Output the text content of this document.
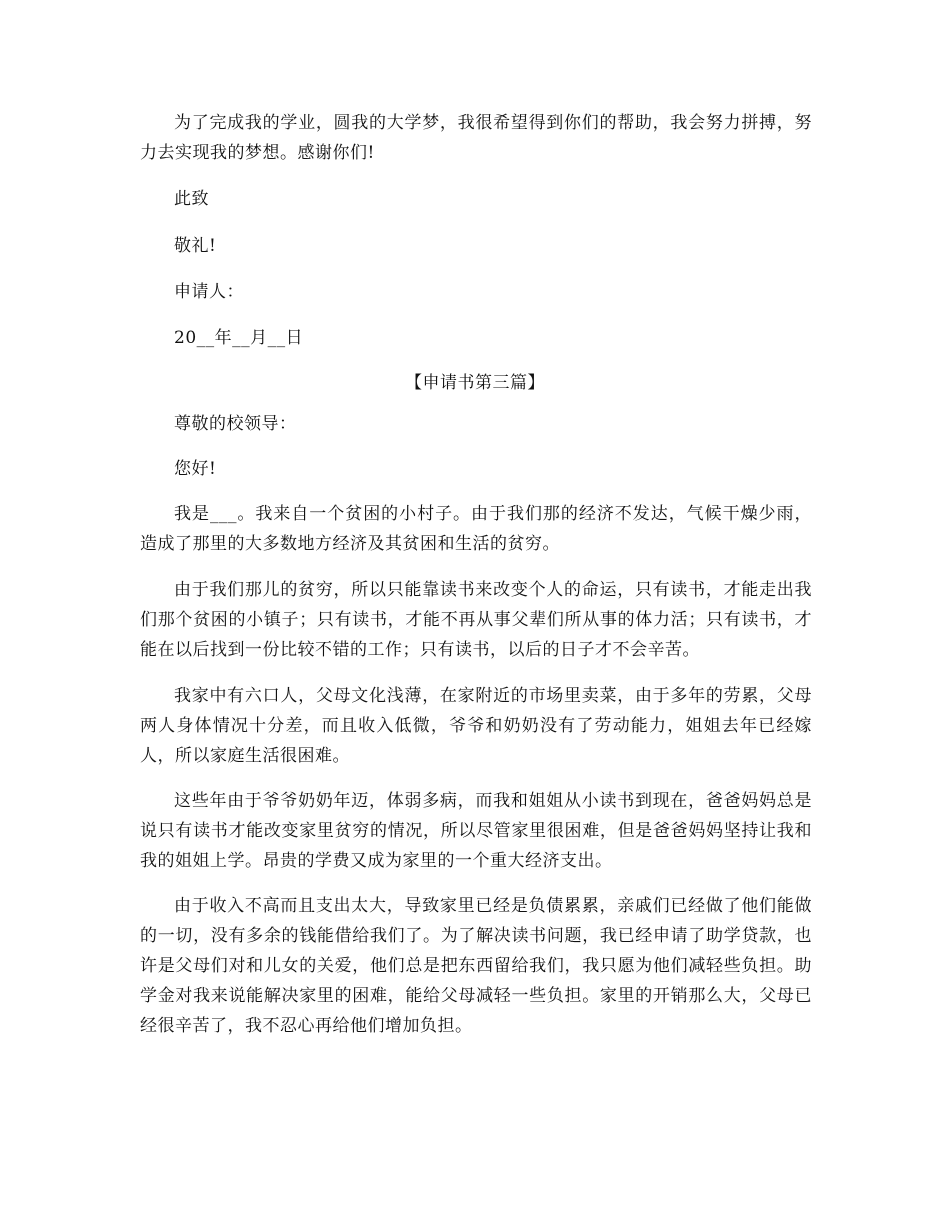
为了完成我的学业，圆我的大学梦，我很希望得到你们的帮助，我会努力拼搏，努力去实现我的梦想。感谢你们!

此致

敬礼!

申请人：

20__年__月__日

【申请书第三篇】

尊敬的校领导：

您好!

我是___。我来自一个贫困的小村子。由于我们那的经济不发达，气候干燥少雨，造成了那里的大多数地方经济及其贫困和生活的贫穷。

由于我们那儿的贫穷，所以只能靠读书来改变个人的命运，只有读书，才能走出我们那个贫困的小镇子；只有读书，才能不再从事父辈们所从事的体力活；只有读书，才能在以后找到一份比较不错的工作；只有读书，以后的日子才不会辛苦。

我家中有六口人，父母文化浅薄，在家附近的市场里卖菜，由于多年的劳累，父母两人身体情况十分差，而且收入低微，爷爷和奶奶没有了劳动能力，姐姐去年已经嫁人，所以家庭生活很困难。

这些年由于爷爷奶奶年迈，体弱多病，而我和姐姐从小读书到现在，爸爸妈妈总是说只有读书才能改变家里贫穷的情况，所以尽管家里很困难，但是爸爸妈妈坚持让我和我的姐姐上学。昂贵的学费又成为家里的一个重大经济支出。

由于收入不高而且支出太大，导致家里已经是负债累累，亲戚们已经做了他们能做的一切，没有多余的钱能借给我们了。为了解决读书问题，我已经申请了助学贷款，也许是父母们对和儿女的关爱，他们总是把东西留给我们，我只愿为他们减轻些负担。助学金对我来说能解决家里的困难，能给父母减轻一些负担。家里的开销那么大，父母已经很辛苦了，我不忍心再给他们增加负担。
